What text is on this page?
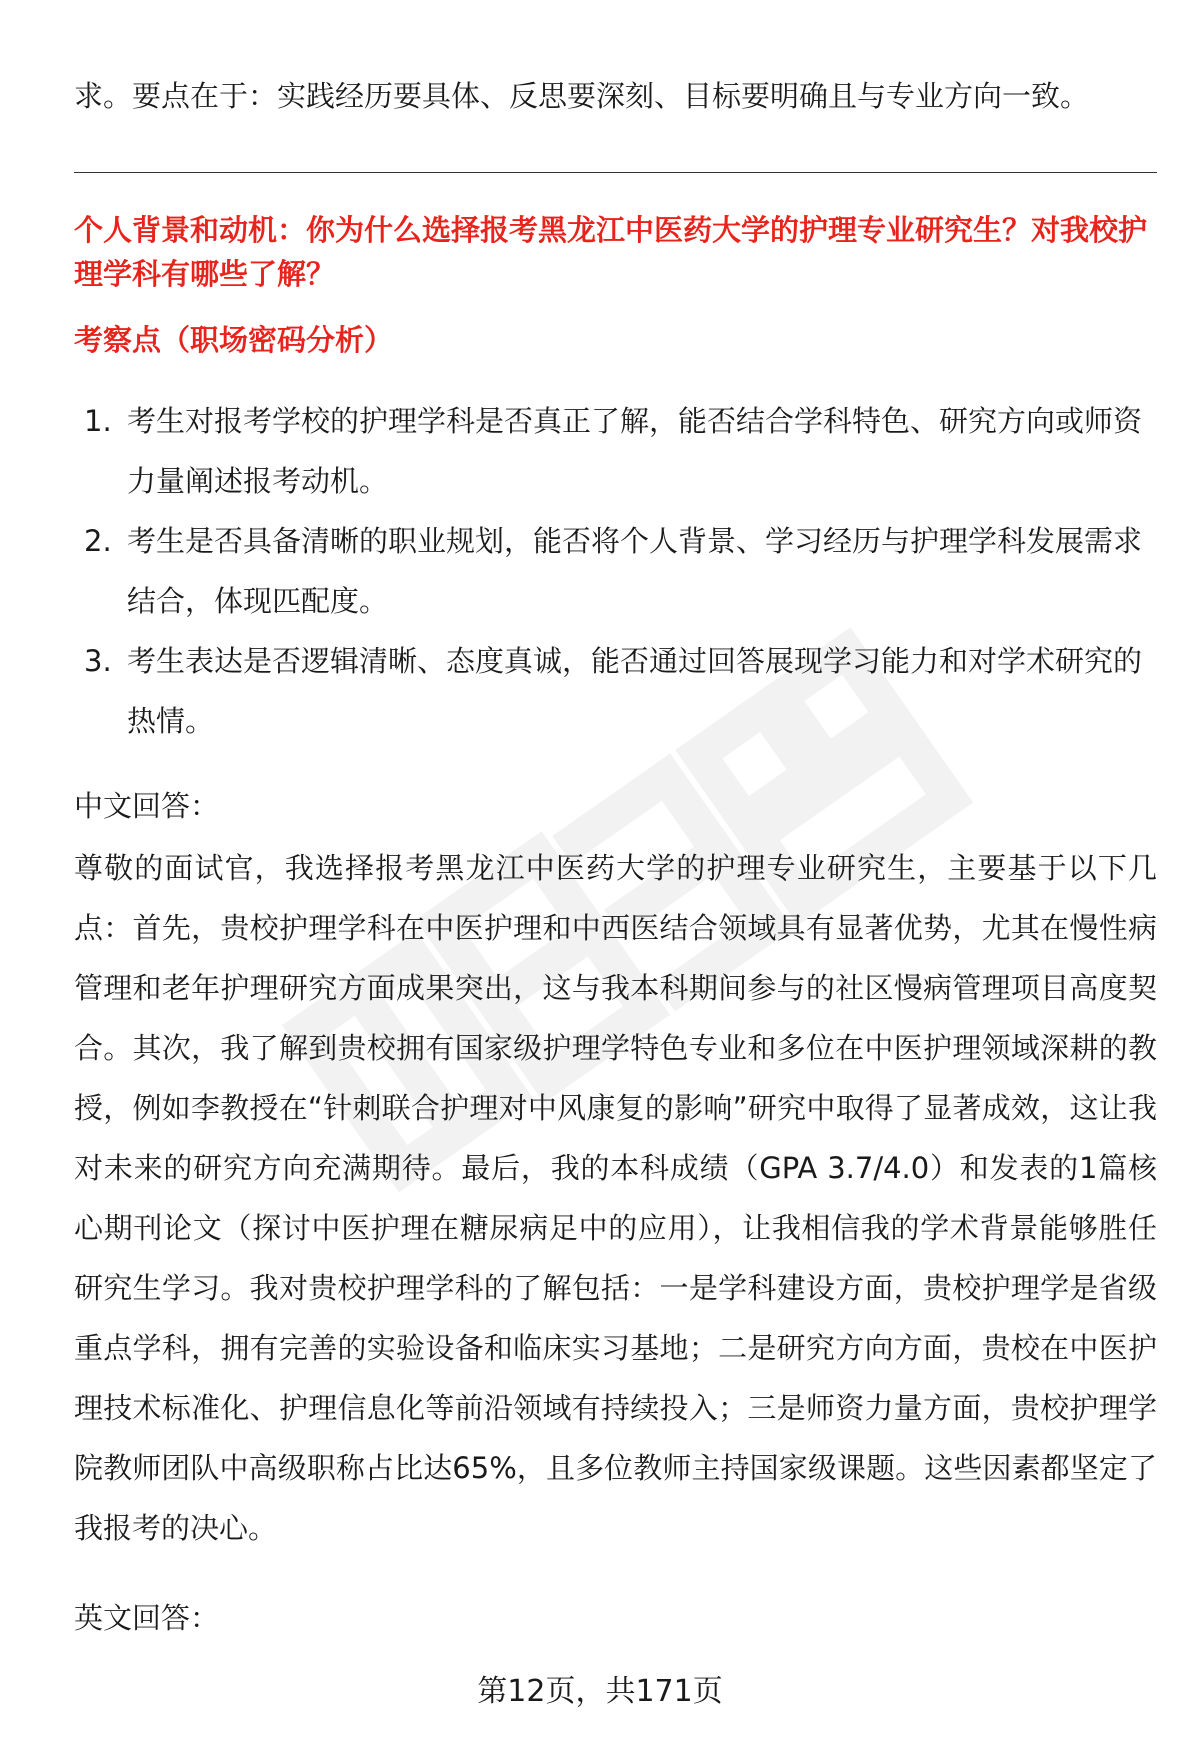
求。要点在于：实践经历要具体、反思要深刻、目标要明确且与专业方向一致。

个人背景和动机：你为什么选择报考黑龙江中医药大学的护理专业研究生？对我校护理学科有哪些了解？

考察点（职场密码分析）

1. 考生对报考学校的护理学科是否真正了解，能否结合学科特色、研究方向或师资力量阐述报考动机。
2. 考生是否具备清晰的职业规划，能否将个人背景、学习经历与护理学科发展需求结合，体现匹配度。
3. 考生表达是否逻辑清晰、态度真诚，能否通过回答展现学习能力和对学术研究的热情。

中文回答：

尊敬的面试官，我选择报考黑龙江中医药大学的护理专业研究生，主要基于以下几点：首先，贵校护理学科在中医护理和中西医结合领域具有显著优势，尤其在慢性病管理和老年护理研究方面成果突出，这与我本科期间参与的社区慢病管理项目高度契合。其次，我了解到贵校拥有国家级护理学特色专业和多位在中医护理领域深耕的教授，例如李教授在“针刺联合护理对中风康复的影响”研究中取得了显著成效，这让我对未来的研究方向充满期待。最后，我的本科成绩（GPA 3.7/4.0）和发表的1篇核心期刊论文（探讨中医护理在糖尿病足中的应用），让我相信我的学术背景能够胜任研究生学习。我对贵校护理学科的了解包括：一是学科建设方面，贵校护理学是省级重点学科，拥有完善的实验设备和临床实习基地；二是研究方向方面，贵校在中医护理技术标准化、护理信息化等前沿领域有持续投入；三是师资力量方面，贵校护理学院教师团队中高级职称占比达65%，且多位教师主持国家级课题。这些因素都坚定了我报考的决心。

英文回答：

第12页，共171页
